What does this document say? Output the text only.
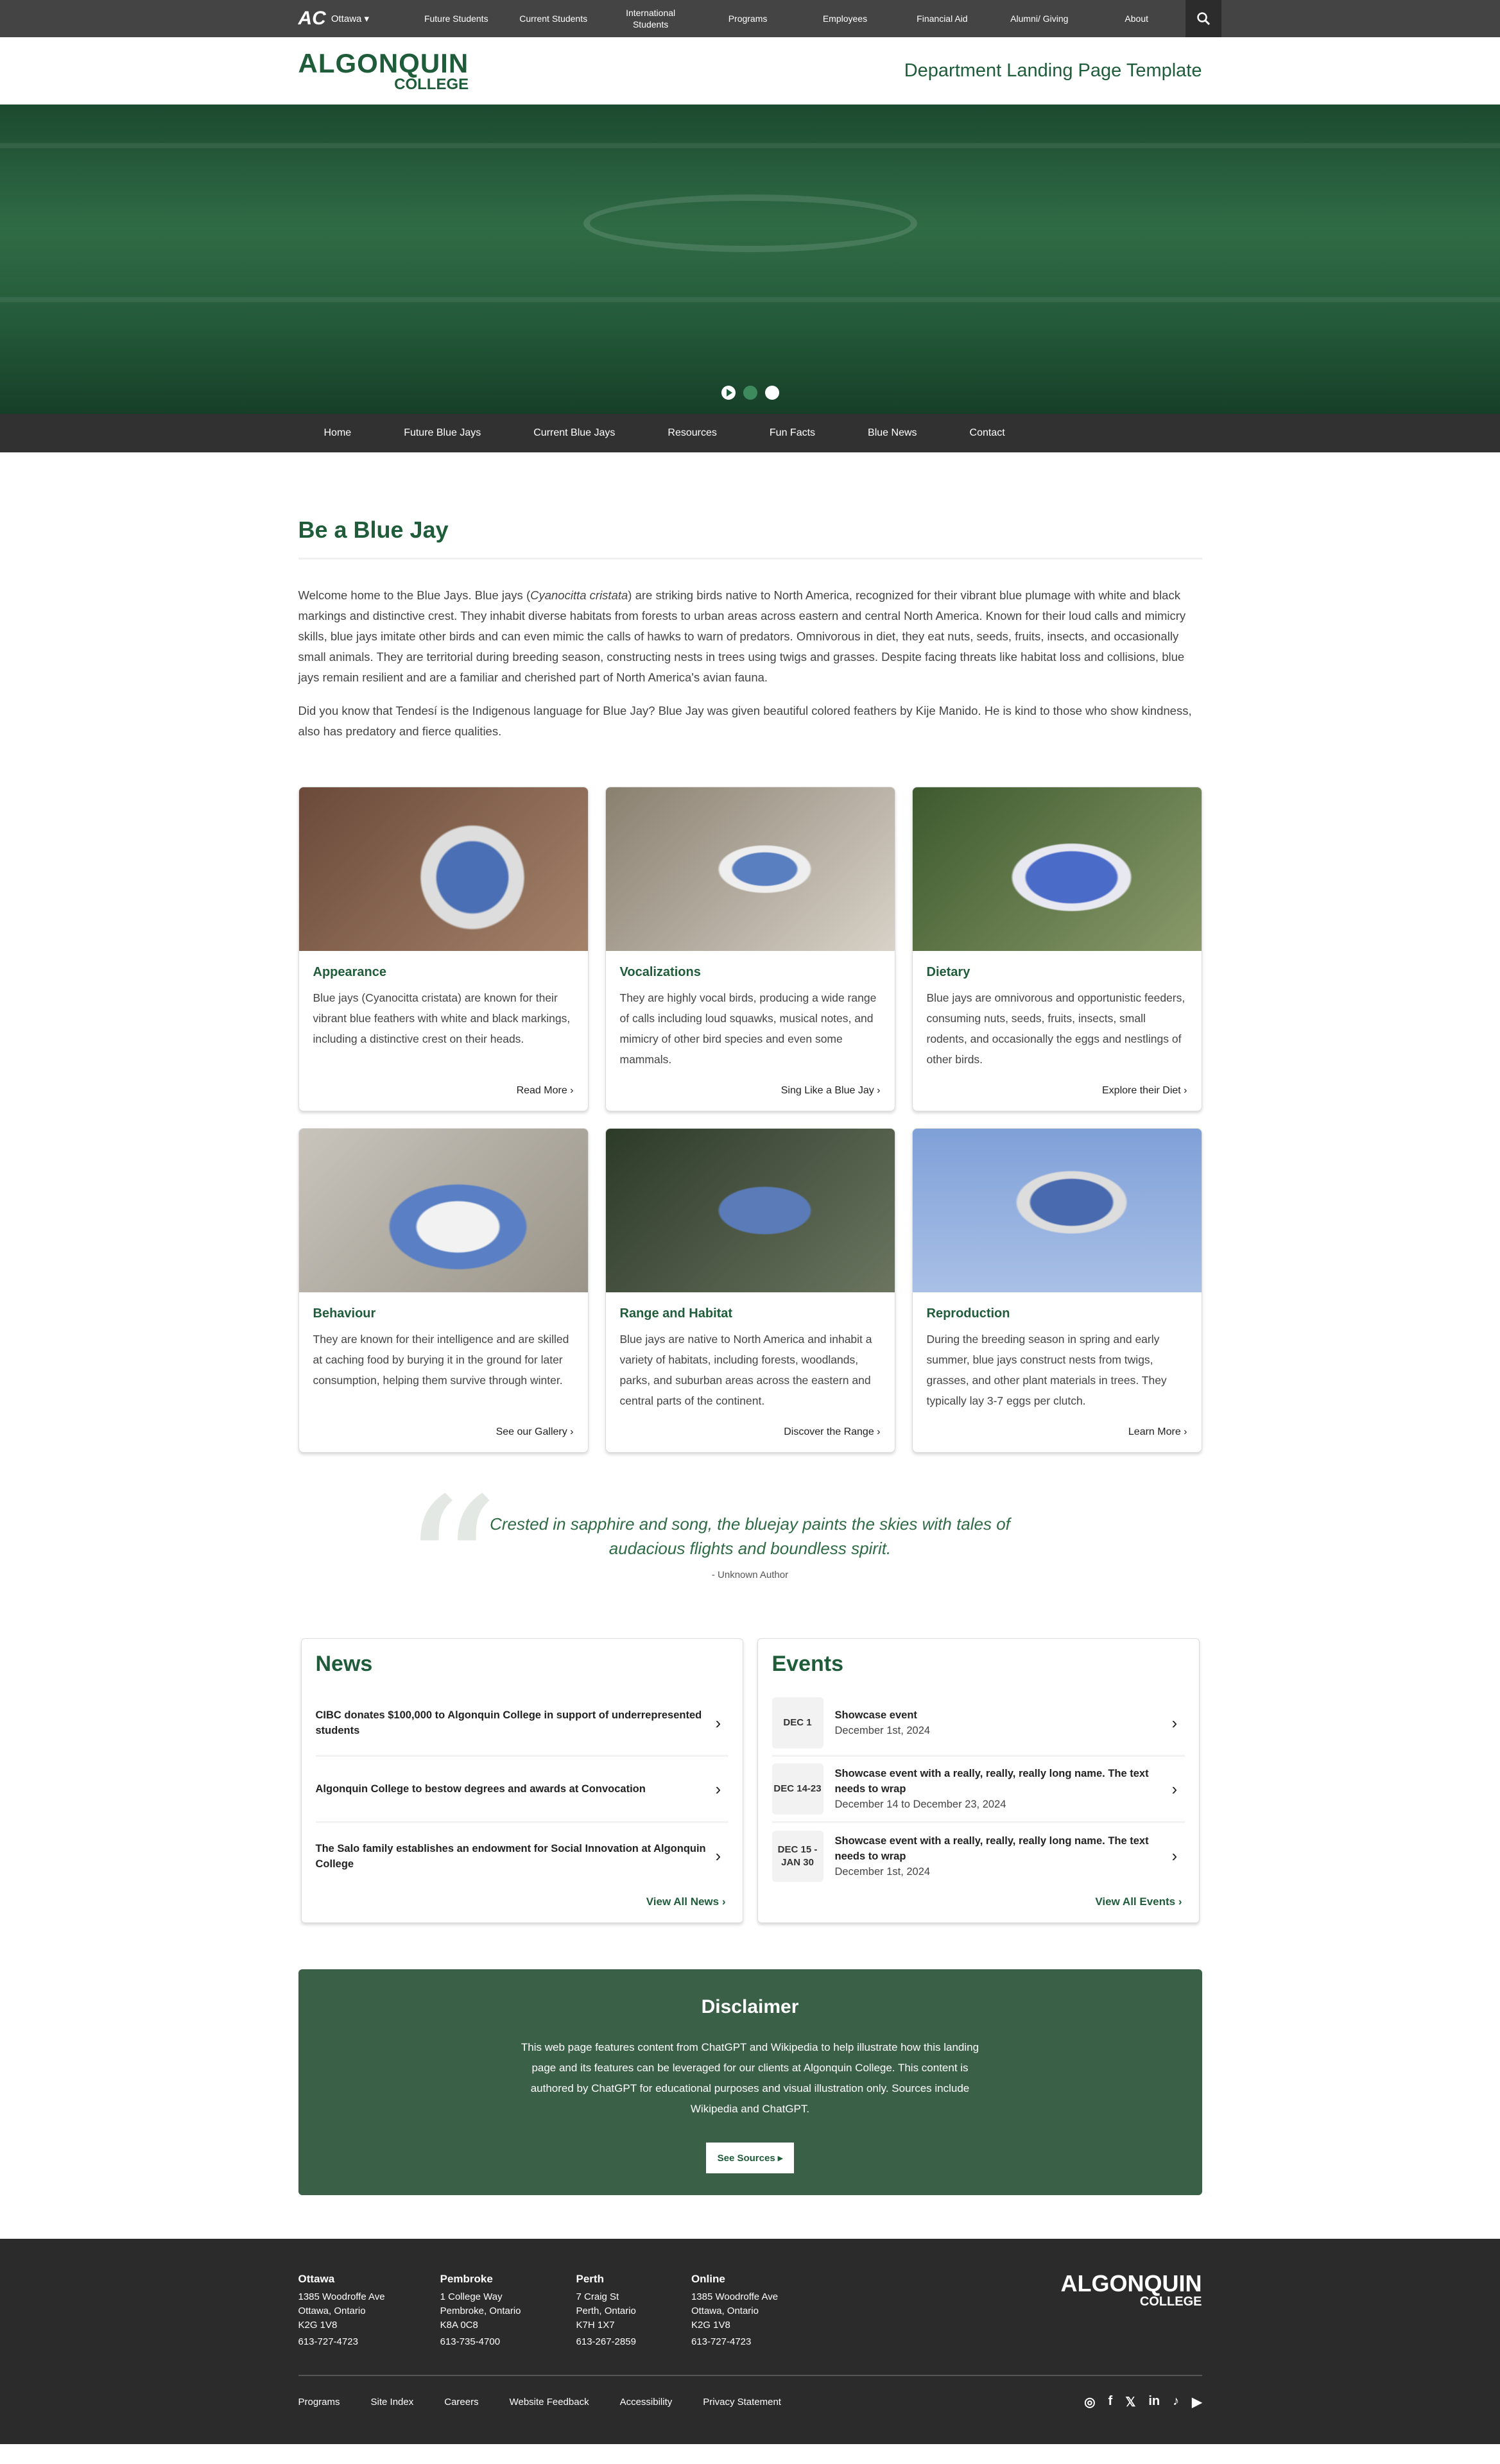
AC Ottawa ▾	Future Students	Current Students
International Students
Programs	Employees	Financial Aid	Alumni/ Giving	About
ALGONQUIN
COLLEGE
Department Landing Page Template
Home	Future Blue Jays	Current Blue Jays	Resources	Fun Facts	Blue News	Contact
Be a Blue Jay

Welcome home to the Blue Jays. Blue jays (Cyanocitta cristata) are striking birds native to North America, recognized for their vibrant blue plumage with white and black markings and distinctive crest. They inhabit diverse habitats from forests to urban areas across eastern and central North America. Known for their loud calls and mimicry skills, blue jays imitate other birds and can even mimic the calls of hawks to warn of predators. Omnivorous in diet, they eat nuts, seeds, fruits, insects, and occasionally small animals. They are territorial during breeding season, constructing nests in trees using twigs and grasses. Despite facing threats like habitat loss and collisions, blue jays remain resilient and are a familiar and cherished part of North America's avian fauna.

Did you know that Tendesí is the Indigenous language for Blue Jay? Blue Jay was given beautiful colored feathers by Kije Manido. He is kind to those who show kindness, also has predatory and fierce qualities.

Appearance

Blue jays (Cyanocitta cristata) are known for their vibrant blue feathers with white and black markings, including a distinctive crest on their heads.

Read More ›
Vocalizations

They are highly vocal birds, producing a wide range of calls including loud squawks, musical notes, and mimicry of other bird species and even some mammals.

Sing Like a Blue Jay ›
Dietary

Blue jays are omnivorous and opportunistic feeders, consuming nuts, seeds, fruits, insects, small rodents, and occasionally the eggs and nestlings of other birds.

Explore their Diet ›
Behaviour

They are known for their intelligence and are skilled at caching food by burying it in the ground for later consumption, helping them survive through winter.

See our Gallery ›
Range and Habitat

Blue jays are native to North America and inhabit a variety of habitats, including forests, woodlands, parks, and suburban areas across the eastern and central parts of the continent.

Discover the Range ›
Reproduction

During the breeding season in spring and early summer, blue jays construct nests from twigs, grasses, and other plant materials in trees. They typically lay 3-7 eggs per clutch.

Learn More ›
“

Crested in sapphire and song, the bluejay paints the skies with tales of audacious flights and boundless spirit.

- Unknown Author
News
CIBC donates $100,000 to Algonquin College in support of underrepresented students	›
Algonquin College to bestow degrees and awards at Convocation	›
The Salo family establishes an endowment for Social Innovation at Algonquin College	›
View All News ›
Events
DEC 1
Showcase event
December 1st, 2024	›
DEC 14-23
Showcase event with a really, really, really long name. The text needs to wrap
December 14 to December 23, 2024
›
DEC 15 - JAN 30
Showcase event with a really, really, really long name. The text needs to wrap
December 1st, 2024
›
View All Events ›
Disclaimer

This web page features content from ChatGPT and Wikipedia to help illustrate how this landing page and its features can be leveraged for our clients at Algonquin College. This content is authored by ChatGPT for educational purposes and visual illustration only. Sources include Wikipedia and ChatGPT.

See Sources ▸
Ottawa
1385 Woodroffe Ave
Ottawa, Ontario
K2G 1V8
613-727-4723
Pembroke
1 College Way
Pembroke, Ontario
K8A 0C8
613-735-4700
Perth
7 Craig St
Perth, Ontario
K7H 1X7
613-267-2859
Online
1385 Woodroffe Ave
Ottawa, Ontario
K2G 1V8
613-727-4723
ALGONQUIN
COLLEGE
Programs	Site Index	Careers	Website Feedback	Accessibility	Privacy Statement	◎ f 𝕏 in ♪ ▶
